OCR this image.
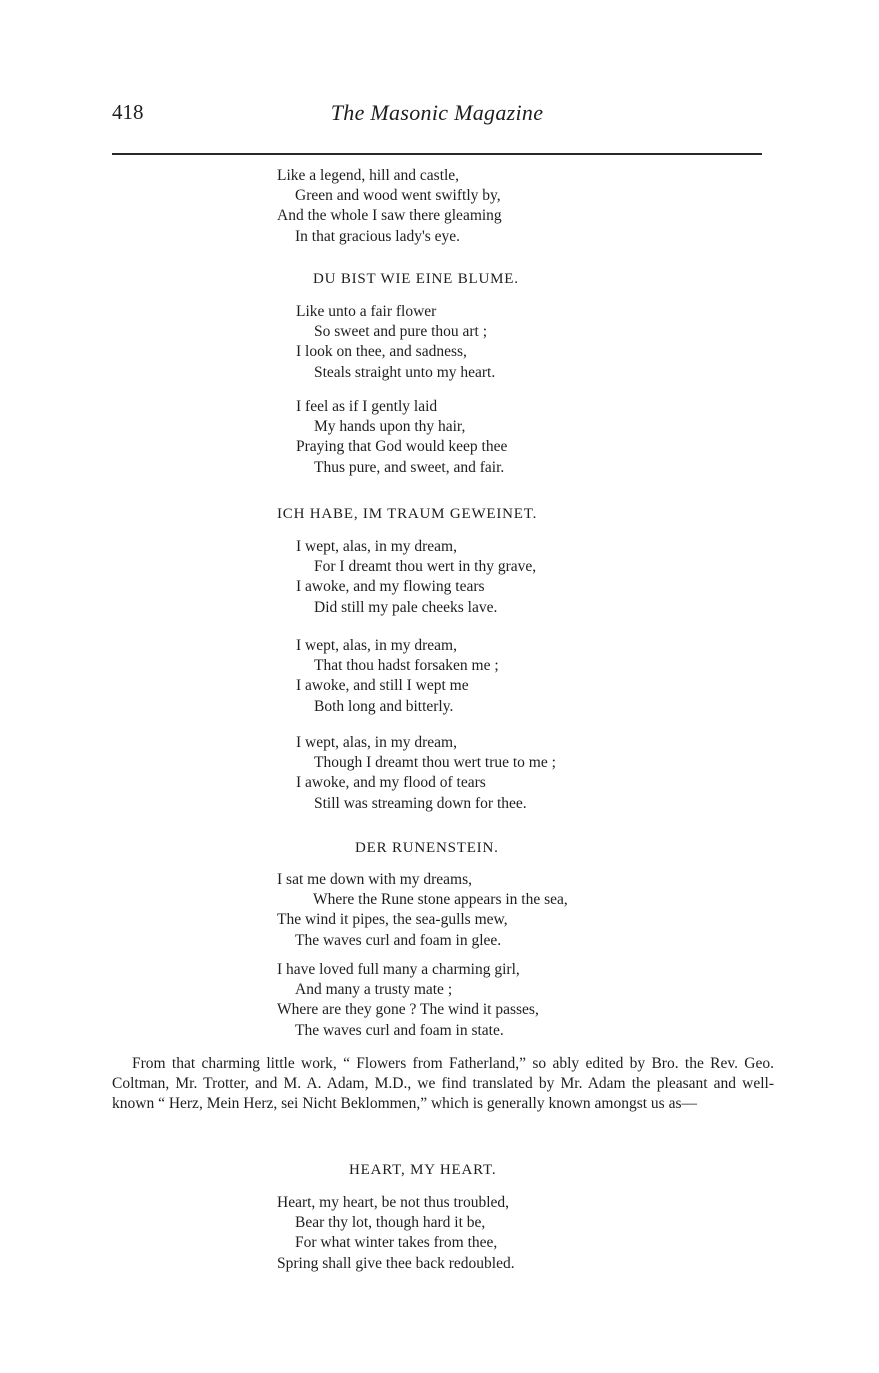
418	The Masonic Magazine
Like a legend, hill and castle,
Green and wood went swiftly by,
And the whole I saw there gleaming
In that gracious lady's eye.
DU BIST WIE EINE BLUME.
Like unto a fair flower
So sweet and pure thou art ;
I look on thee, and sadness,
Steals straight unto my heart.
I feel as if I gently laid
My hands upon thy hair,
Praying that God would keep thee
Thus pure, and sweet, and fair.
ICH HABE, IM TRAUM GEWEINET.
I wept, alas, in my dream,
For I dreamt thou wert in thy grave,
I awoke, and my flowing tears
Did still my pale cheeks lave.
I wept, alas, in my dream,
That thou hadst forsaken me ;
I awoke, and still I wept me
Both long and bitterly.
I wept, alas, in my dream,
Though I dreamt thou wert true to me ;
I awoke, and my flood of tears
Still was streaming down for thee.
DER RUNENSTEIN.
I sat me down with my dreams,
Where the Rune stone appears in the sea,
The wind it pipes, the sea-gulls mew,
The waves curl and foam in glee.
I have loved full many a charming girl,
And many a trusty mate ;
Where are they gone ? The wind it passes,
The waves curl and foam in state.

From that charming little work, “ Flowers from Fatherland,” so ably edited by Bro. the Rev. Geo. Coltman, Mr. Trotter, and M. A. Adam, M.D., we find translated by Mr. Adam the pleasant and well-known “ Herz, Mein Herz, sei Nicht Beklommen,” which is generally known amongst us as—

HEART, MY HEART.
Heart, my heart, be not thus troubled,
Bear thy lot, though hard it be,
For what winter takes from thee,
Spring shall give thee back redoubled.
